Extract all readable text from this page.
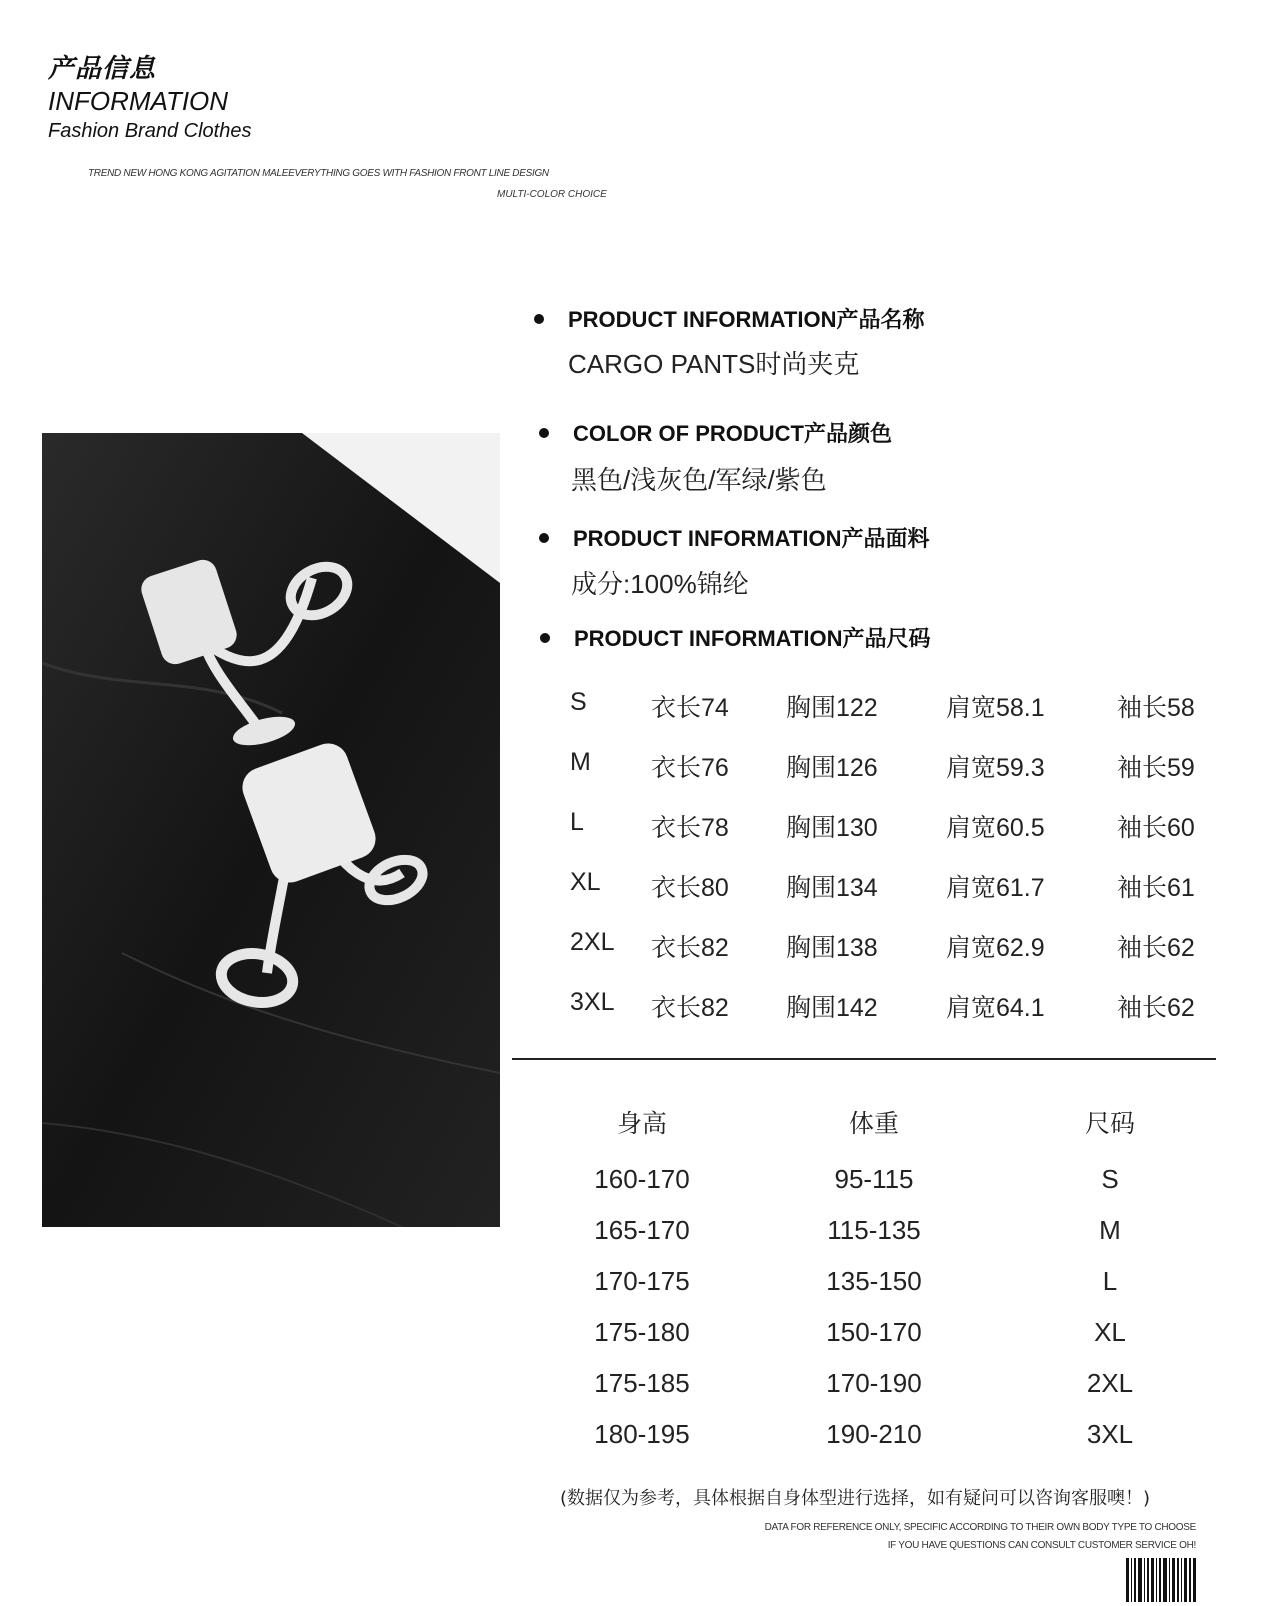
产品信息
INFORMATION
Fashion Brand Clothes
TREND NEW HONG KONG AGITATION MALEEVERYTHING GOES WITH FASHION FRONT LINE DESIGN
MULTI-COLOR CHOICE
PRODUCT INFORMATION产品名称
CARGO PANTS时尚夹克
COLOR OF PRODUCT产品颜色
黑色/浅灰色/军绿/紫色
PRODUCT INFORMATION产品面料
成分:100%锦纶
PRODUCT INFORMATION产品尺码
S	衣长74 胸围122	肩宽58.1	袖长58
M 衣长76 胸围126	肩宽59.3	袖长59
L	衣长78 胸围130	肩宽60.5	袖长60
XL 衣长80 胸围134	肩宽61.7	袖长61
2XL 衣长82 胸围138	肩宽62.9	袖长62
3XL 衣长82 胸围142	肩宽64.1	袖长62
身高	体重	尺码
160-170	95-115	S
165-170	115-135	M
170-175	135-150	L
175-180	150-170	XL
175-185	170-190	2XL
180-195	190-210	3XL
(数据仅为参考，具体根据自身体型进行选择，如有疑问可以咨询客服噢！)
DATA FOR REFERENCE ONLY, SPECIFIC ACCORDING TO THEIR OWN BODY TYPE TO CHOOSE
IF YOU HAVE QUESTIONS CAN CONSULT CUSTOMER SERVICE OH!
